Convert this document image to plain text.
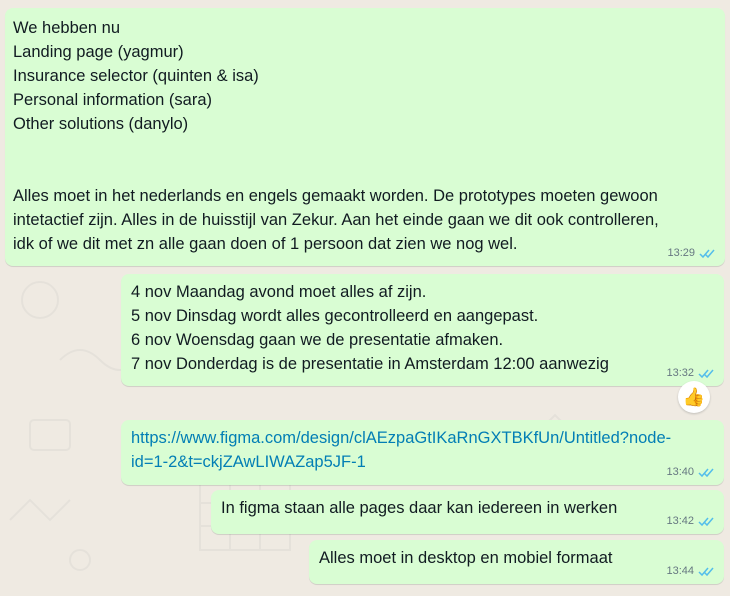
We hebben nu
Landing page (yagmur)
Insurance selector (quinten & isa)
Personal information (sara)
Other solutions (danylo)

Alles moet in het nederlands en engels gemaakt worden. De prototypes moeten gewoon
intetactief zijn. Alles in de huisstijl van Zekur. Aan het einde gaan we dit ook controlleren,
idk of we dit met zn alle gaan doen of 1 persoon dat zien we nog wel.	13:29
4 nov Maandag avond moet alles af zijn.
5 nov Dinsdag wordt alles gecontrolleerd en aangepast.
6 nov Woensdag gaan we de presentatie afmaken.
7 nov Donderdag is de presentatie in Amsterdam 12:00 aanwezig	13:32
👍
https://www.figma.com/design/clAEzpaGtIKaRnGXTBKfUn/Untitled?node-
id=1-2&t=ckjZAwLIWAZap5JF-1
13:40
In figma staan alle pages daar kan iedereen in werken
13:42
Alles moet in desktop en mobiel formaat
13:44
